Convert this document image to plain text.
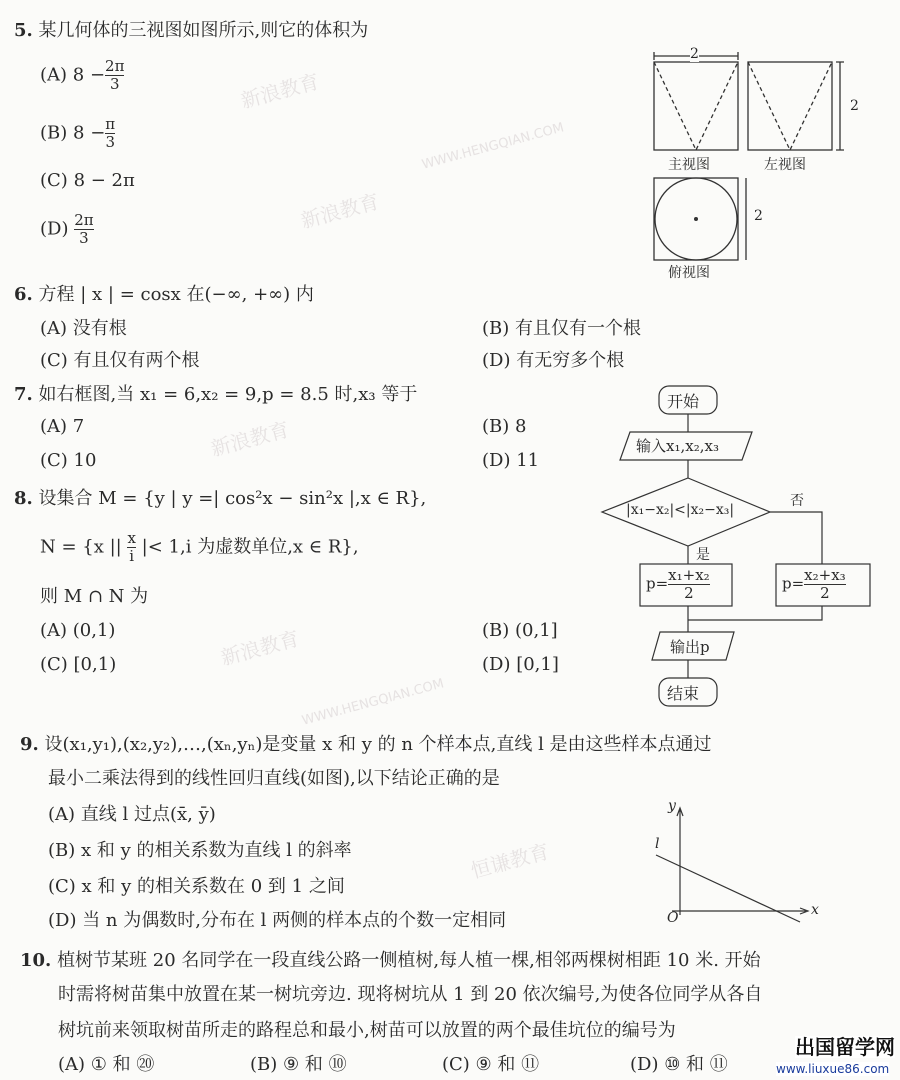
新浪教育
新浪教育
新浪教育
新浪教育
恒谦教育
WWW.HENGQIAN.COM
WWW.HENGQIAN.COM
5. 某几何体的三视图如图所示,则它的体积为
(A) $8 - \frac{2\pi}{3}$
(B) $8 - \frac{\pi}{3}$
(C) 8 − 2π
$(D) \frac{2\pi}{3}$
2
2
2
主视图	左视图
俯视图
6. 方程 | x | = cosx 在(−∞, +∞) 内
(A) 没有根	(B) 有且仅有一个根
(C) 有且仅有两个根	(D) 有无穷多个根
7. 如右框图,当 x₁ = 6,x₂ = 9,p = 8.5 时,x₃ 等于
(A) 7	(B) 8
(C) 10	(D) 11
开始
输入x₁,x₂,x₃
|x₁−x₂|<|x₂−x₃|
否
是
$p= \frac{\text{x₁+x₂}}{2}$	$p= \frac{\text{x₂+x₃}}{2}$
输出p
结束
8. 设集合 M = {y | y =| cos²x − sin²x |,x ∈ R},
N = {x || $\frac{x}{i}$ |< 1,i 为虚数单位,x ∈ R},
则 M ∩ N 为
(A) (0,1)	(B) (0,1]
(C) [0,1)	(D) [0,1]
9. 设(x₁,y₁),(x₂,y₂),…,(xₙ,yₙ)是变量 x 和 y 的 n 个样本点,直线 l 是由这些样本点通过
最小二乘法得到的线性回归直线(如图),以下结论正确的是
(A) 直线 l 过点(x̄, ȳ)
(B) x 和 y 的相关系数为直线 l 的斜率
(C) x 和 y 的相关系数在 0 到 1 之间
(D) 当 n 为偶数时,分布在 l 两侧的样本点的个数一定相同
y
x
O
l
10. 植树节某班 20 名同学在一段直线公路一侧植树,每人植一棵,相邻两棵树相距 10 米. 开始
时需将树苗集中放置在某一树坑旁边. 现将树坑从 1 到 20 依次编号,为使各位同学从各自
树坑前来领取树苗所走的路程总和最小,树苗可以放置的两个最佳坑位的编号为
(A) ① 和 ⑳	(B) ⑨ 和 ⑩	(C) ⑨ 和 ⑪	(D) ⑩ 和 ⑪
出国留学网
www.liuxue86.com
